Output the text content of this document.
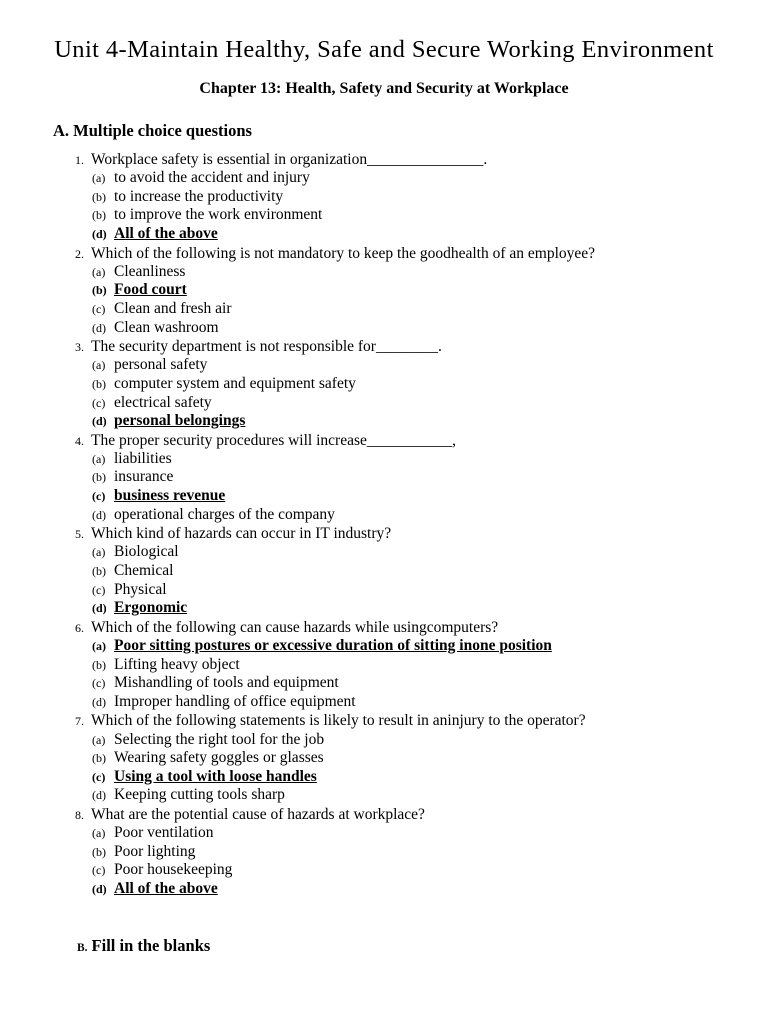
Unit 4-Maintain Healthy, Safe and Secure Working Environment
Chapter 13: Health, Safety and Security at Workplace
A. Multiple choice questions
1. Workplace safety is essential in organization_______________.
(a) to avoid the accident and injury
(b) to increase the productivity
(b) to improve the work environment
(d) All of the above
2. Which of the following is not mandatory to keep the goodhealth of an employee?
(a) Cleanliness
(b) Food court
(c) Clean and fresh air
(d) Clean washroom
3. The security department is not responsible for________.
(a) personal safety
(b) computer system and equipment safety
(c) electrical safety
(d) personal belongings
4. The proper security procedures will increase___________,
(a) liabilities
(b) insurance
(c) business revenue
(d) operational charges of the company
5. Which kind of hazards can occur in IT industry?
(a) Biological
(b) Chemical
(c) Physical
(d) Ergonomic
6. Which of the following can cause hazards while usingcomputers?
(a) Poor sitting postures or excessive duration of sitting inone position
(b) Lifting heavy object
(c) Mishandling of tools and equipment
(d) Improper handling of office equipment
7. Which of the following statements is likely to result in aninjury to the operator?
(a) Selecting the right tool for the job
(b) Wearing safety goggles or glasses
(c) Using a tool with loose handles
(d) Keeping cutting tools sharp
8. What are the potential cause of hazards at workplace?
(a) Poor ventilation
(b) Poor lighting
(c) Poor housekeeping
(d) All of the above
B. Fill in the blanks
